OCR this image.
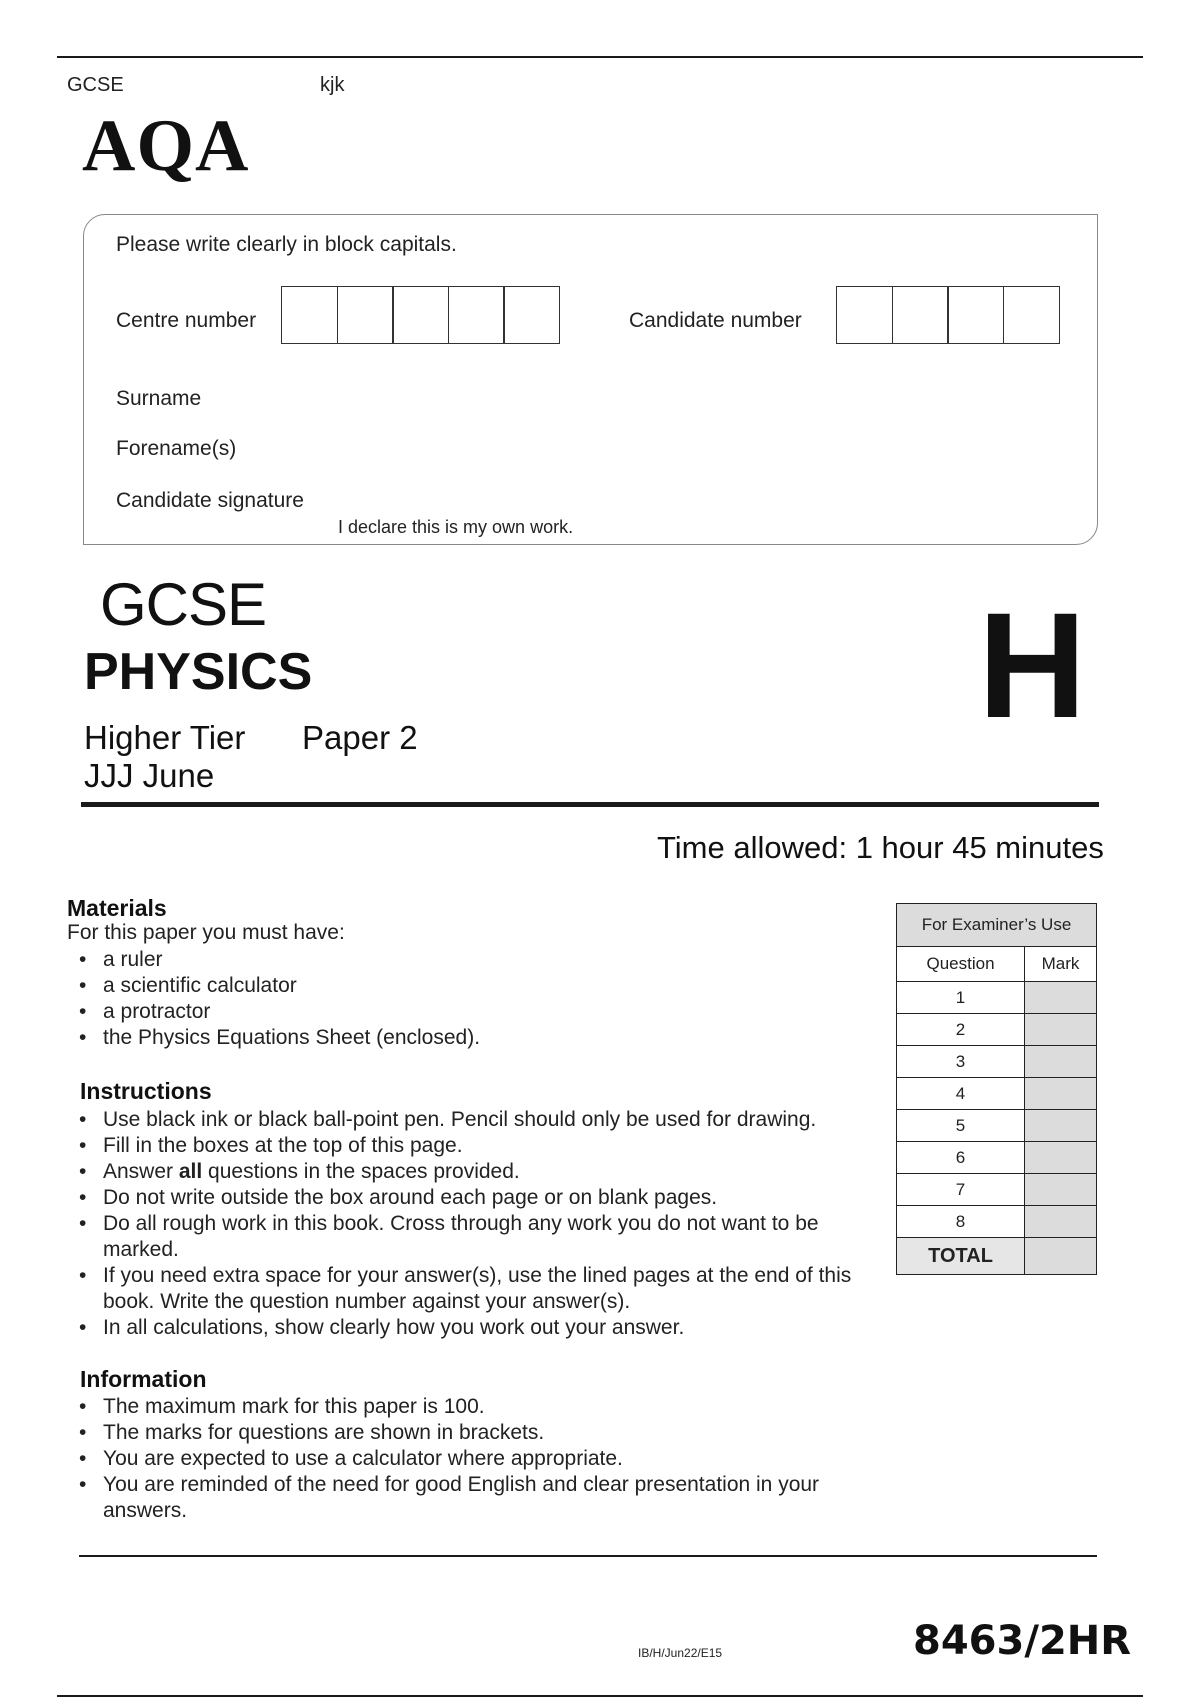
GCSE	kjk
AQA
Please write clearly in block capitals.
Centre number	Candidate number
Surname
Forename(s)
Candidate signature
I declare this is my own work.
GCSE
PHYSICS
Higher Tier Paper 2
JJJ June
H
Time allowed: 1 hour 45 minutes
Materials
For this paper you must have:
• a ruler
• a scientific calculator
• a protractor
• the Physics Equations Sheet (enclosed).
Instructions
• Use black ink or black ball-point pen. Pencil should only be used for drawing.
• Fill in the boxes at the top of this page.
• Answer all questions in the spaces provided.
• Do not write outside the box around each page or on blank pages.
• Do all rough work in this book. Cross through any work you do not want to be marked.
• If you need extra space for your answer(s), use the lined pages at the end of this book. Write the question number against your answer(s).
• In all calculations, show clearly how you work out your answer.
Information
• The maximum mark for this paper is 100.
• The marks for questions are shown in brackets.
• You are expected to use a calculator where appropriate.
• You are reminded of the need for good English and clear presentation in your answers.
For Examiner’s Use	
Question	Mark
1	
2	
3	
4	
5	
6	
7	
8	
TOTAL	
IB/H/Jun22/E15	8463/2HR
